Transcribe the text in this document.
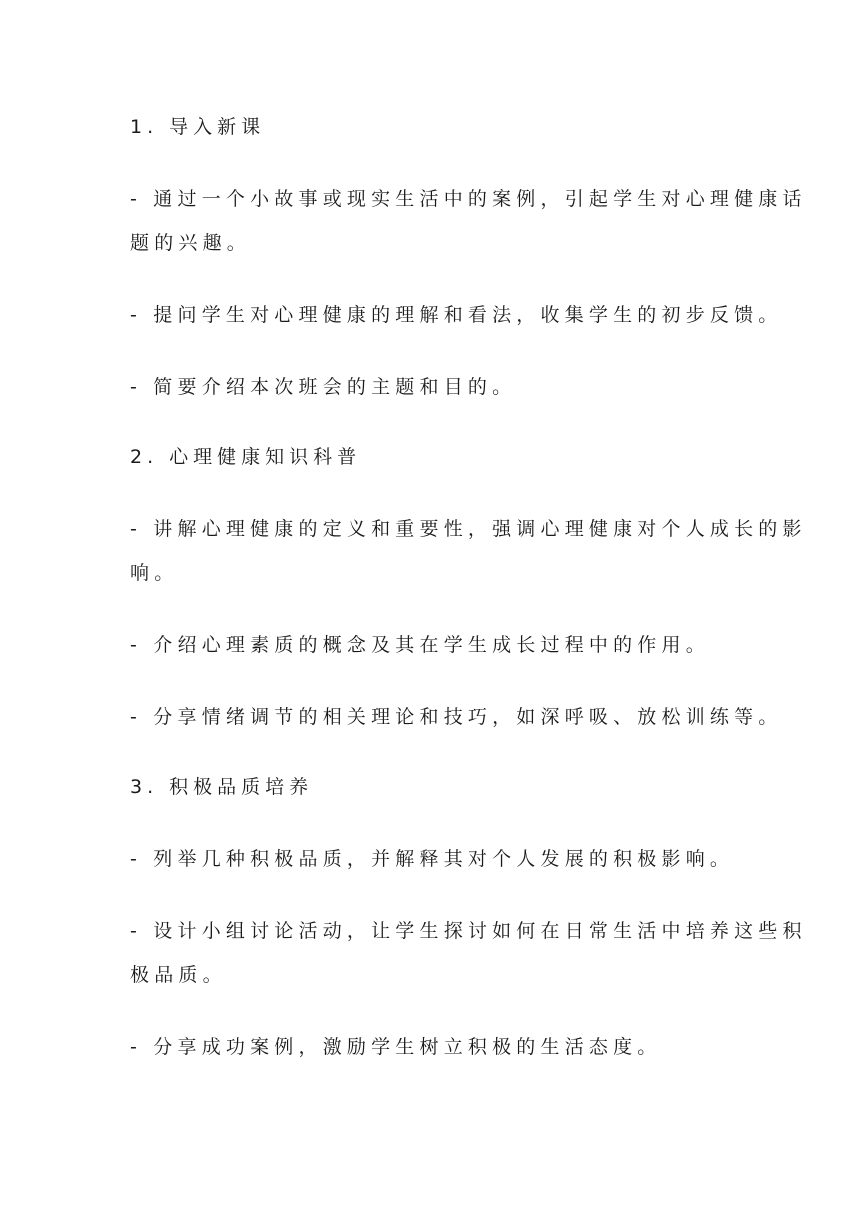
1. 导入新课
- 通过一个小故事或现实生活中的案例，引起学生对心理健康话
题的兴趣。
- 提问学生对心理健康的理解和看法，收集学生的初步反馈。
- 简要介绍本次班会的主题和目的。
2. 心理健康知识科普
- 讲解心理健康的定义和重要性，强调心理健康对个人成长的影
响。
- 介绍心理素质的概念及其在学生成长过程中的作用。
- 分享情绪调节的相关理论和技巧，如深呼吸、放松训练等。
3. 积极品质培养
- 列举几种积极品质，并解释其对个人发展的积极影响。
- 设计小组讨论活动，让学生探讨如何在日常生活中培养这些积
极品质。
- 分享成功案例，激励学生树立积极的生活态度。
